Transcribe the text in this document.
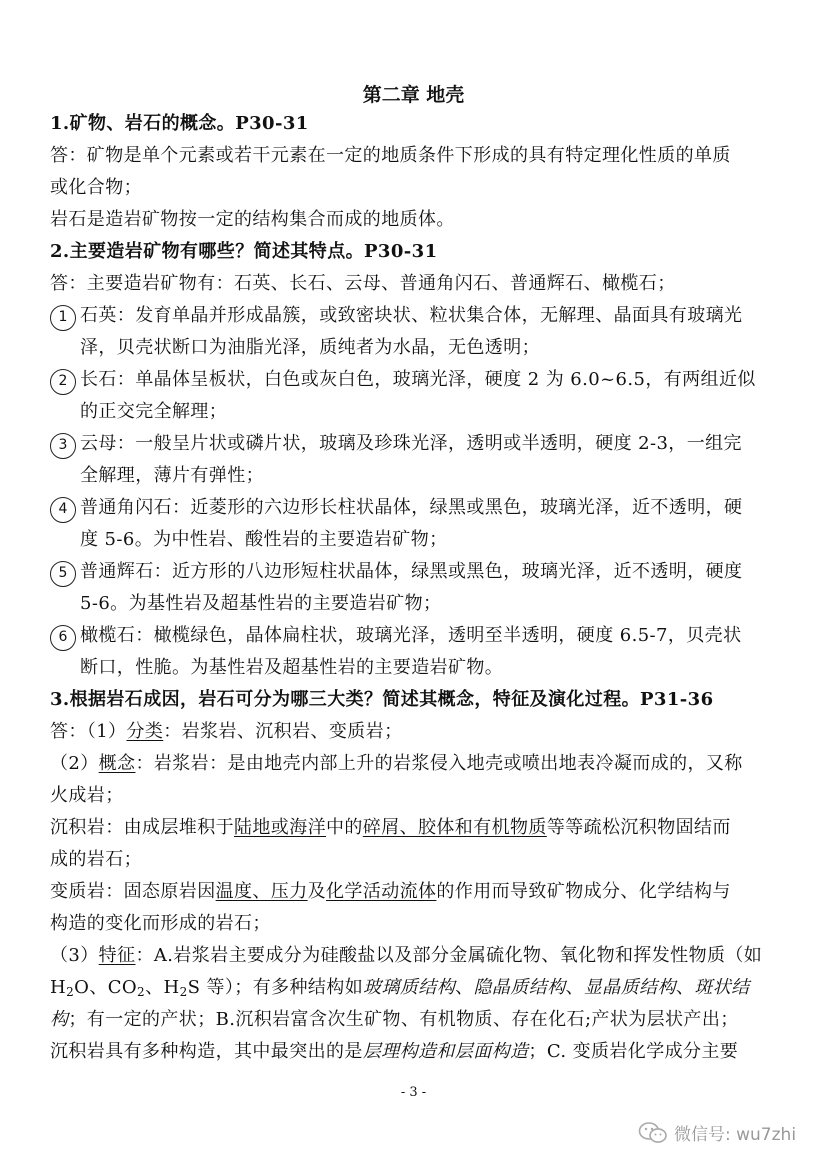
第二章 地壳
1.矿物、岩石的概念。P30-31
答：矿物是单个元素或若干元素在一定的地质条件下形成的具有特定理化性质的单质
或化合物；
岩石是造岩矿物按一定的结构集合而成的地质体。
2.主要造岩矿物有哪些？简述其特点。P30-31
答：主要造岩矿物有：石英、长石、云母、普通角闪石、普通辉石、橄榄石；
1 石英：发育单晶并形成晶簇，或致密块状、粒状集合体，无解理、晶面具有玻璃光
泽，贝壳状断口为油脂光泽，质纯者为水晶，无色透明；
2 长石：单晶体呈板状，白色或灰白色，玻璃光泽，硬度 2 为 6.0~6.5，有两组近似
的正交完全解理；
3 云母：一般呈片状或磷片状，玻璃及珍珠光泽，透明或半透明，硬度 2-3，一组完
全解理，薄片有弹性；
4 普通角闪石：近菱形的六边形长柱状晶体，绿黑或黑色，玻璃光泽，近不透明，硬
度 5-6。为中性岩、酸性岩的主要造岩矿物；
5 普通辉石：近方形的八边形短柱状晶体，绿黑或黑色，玻璃光泽，近不透明，硬度
5-6。为基性岩及超基性岩的主要造岩矿物；
6 橄榄石：橄榄绿色，晶体扁柱状，玻璃光泽，透明至半透明，硬度 6.5-7，贝壳状
断口，性脆。为基性岩及超基性岩的主要造岩矿物。
3.根据岩石成因，岩石可分为哪三大类？简述其概念，特征及演化过程。P31-36
答：（1）分类：岩浆岩、沉积岩、变质岩；
（2）概念：岩浆岩：是由地壳内部上升的岩浆侵入地壳或喷出地表冷凝而成的，又称
火成岩；
沉积岩：由成层堆积于陆地或海洋中的碎屑、胶体和有机物质等等疏松沉积物固结而
成的岩石；
变质岩：固态原岩因温度、压力及化学活动流体的作用而导致矿物成分、化学结构与
构造的变化而形成的岩石；
（3）特征：A.岩浆岩主要成分为硅酸盐以及部分金属硫化物、氧化物和挥发性物质（如
$H_2O$、$CO_2$、$H_2S$ 等）；有多种结构如玻璃质结构、隐晶质结构、显晶质结构、斑状结
构；有一定的产状；B.沉积岩富含次生矿物、有机物质、存在化石;产状为层状产出；
沉积岩具有多种构造，其中最突出的是层理构造和层面构造；C. 变质岩化学成分主要
- 3 -
微信号: wu7zhi
